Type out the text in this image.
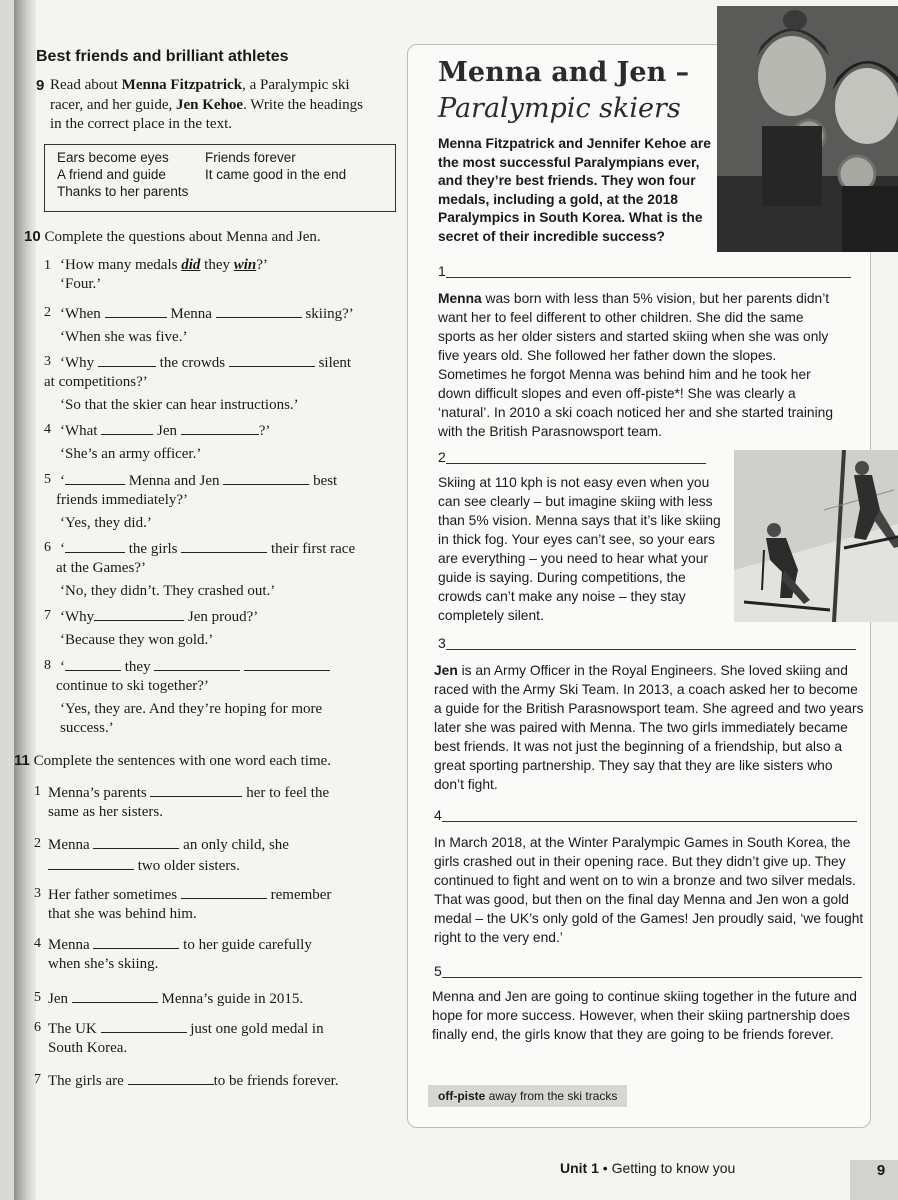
Best friends and brilliant athletes
9 Read about Menna Fitzpatrick, a Paralympic ski racer, and her guide, Jen Kehoe. Write the headings in the correct place in the text.
Ears become eyes	Friends forever
A friend and guide	It came good in the end
Thanks to her parents
10 Complete the questions about Menna and Jen.
1 ‘How many medals did they win?’
‘Four.’
2 ‘When	Menna	skiing?’
‘When she was five.’
3 ‘Why	the crowds	silent
at competitions?’
‘So that the skier can hear instructions.’
4 ‘What	Jen	?’
‘She’s an army officer.’
5 ‘	Menna and Jen	best
friends immediately?’
‘Yes, they did.’
6 ‘	the girls	their first race
at the Games?’
‘No, they didn’t. They crashed out.’
7 ‘Why	Jen proud?’
‘Because they won gold.’
8 ‘	they
continue to ski together?’
‘Yes, they are. And they’re hoping for more success.’
11 Complete the sentences with one word each time.
1 Menna’s parents	her to feel the
same as her sisters.
2 Menna	an only child, she
two older sisters.
3 Her father sometimes	remember
that she was behind him.
4 Menna	to her guide carefully
when she’s skiing.
5 Jen	Menna’s guide in 2015.
6 The UK	just one gold medal in
South Korea.
7 The girls are	to be friends forever.
Menna and Jen –
Paralympic skiers
Menna Fitzpatrick and Jennifer Kehoe are the most successful Paralympians ever, and they’re best friends. They won four medals, including a gold, at the 2018 Paralympics in South Korea. What is the secret of their incredible success?
1
Menna was born with less than 5% vision, but her parents didn’t want her to feel different to other children. She did the same sports as her older sisters and started skiing when she was only five years old. She followed her father down the slopes. Sometimes he forgot Menna was behind him and he took her down difficult slopes and even off-piste*! She was clearly a ‘natural’. In 2010 a ski coach noticed her and she started training with the British Parasnowsport team.
2
Skiing at 110 kph is not easy even when you can see clearly – but imagine skiing with less than 5% vision. Menna says that it’s like skiing in thick fog. Your eyes can’t see, so your ears are everything – you need to hear what your guide is saying. During competitions, the crowds can’t make any noise – they stay completely silent.
3
Jen is an Army Officer in the Royal Engineers. She loved skiing and raced with the Army Ski Team. In 2013, a coach asked her to become a guide for the British Parasnowsport team. She agreed and two years later she was paired with Menna. The two girls immediately became best friends. It was not just the beginning of a friendship, but also a great sporting partnership. They say that they are like sisters who don’t fight.
4
In March 2018, at the Winter Paralympic Games in South Korea, the girls crashed out in their opening race. But they didn’t give up. They continued to fight and went on to win a bronze and two silver medals. That was good, but then on the final day Menna and Jen won a gold medal – the UK’s only gold of the Games! Jen proudly said, ‘we fought right to the very end.’
5
Menna and Jen are going to continue skiing together in the future and hope for more success. However, when their skiing partnership does finally end, the girls know that they are going to be friends forever.
off-piste away from the ski tracks
Unit 1 • Getting to know you	9
